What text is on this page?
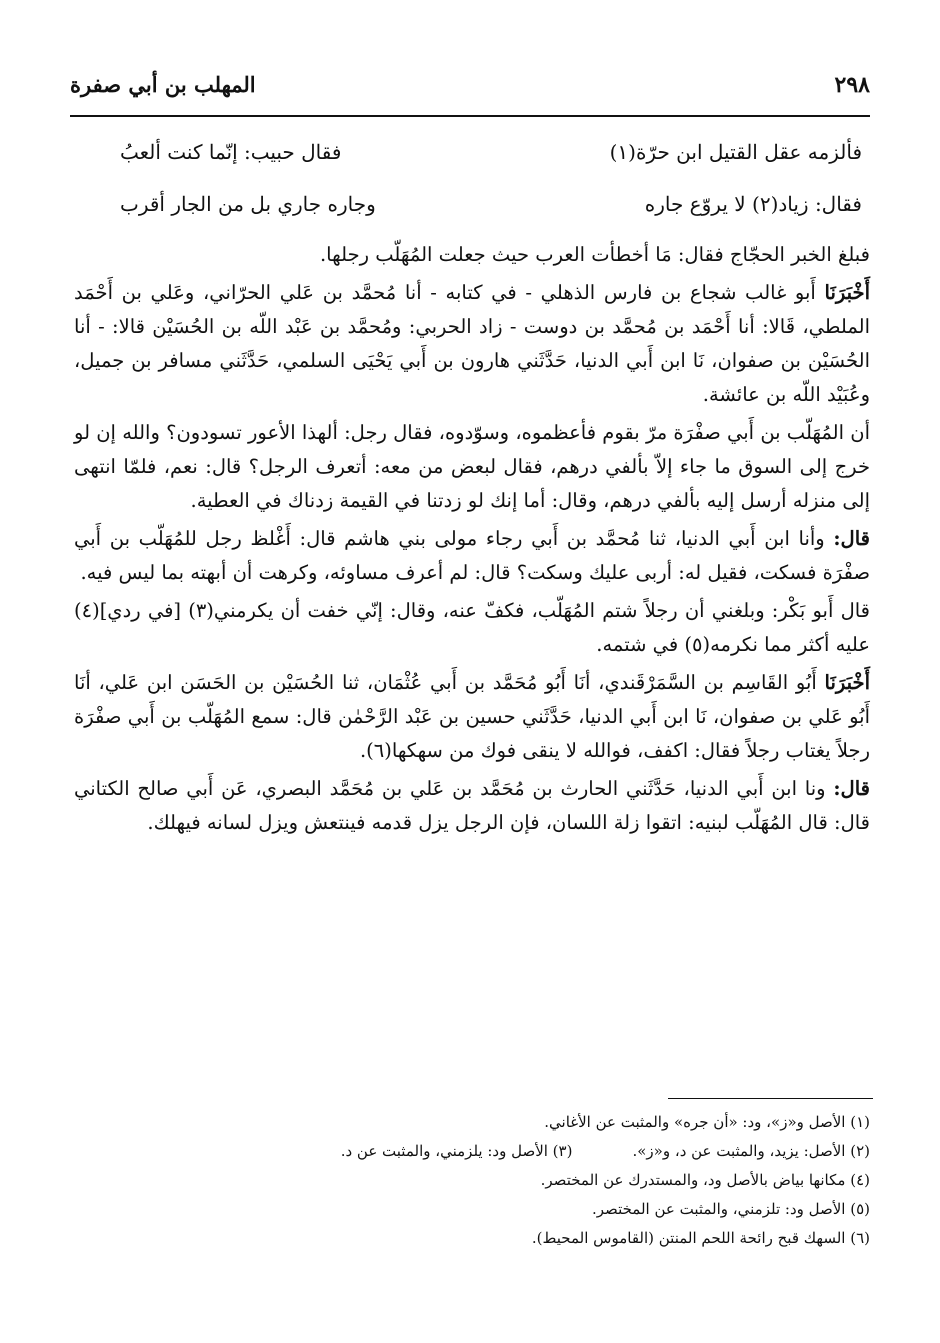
٢٩٨
المهلب بن أبي صفرة
فألزمه عقل القتيل ابن حرّة(١)
فقال حبيب: إنّما كنت ألعبُ
فقال: زياد(٢) لا يروّع جاره
وجاره جاري بل من الجار أقرب

فبلغ الخبر الحجّاج فقال: مَا أخطأت العرب حيث جعلت المُهَلّب رجلها.

أَخْبَرَنَا أَبو غالب شجاع بن فارس الذهلي - في كتابه - أنا مُحمَّد بن عَلي الحرّاني، وعَلي بن أَحْمَد الملطي، قَالا: أنا أَحْمَد بن مُحمَّد بن دوست - زاد الحربي: ومُحمَّد بن عَبْد اللّه بن الحُسَيْن قالا: - أنا الحُسَيْن بن صفوان، نَا ابن أَبي الدنيا، حَدَّثَني هارون بن أَبي يَحْيَى السلمي، حَدَّثَني مسافر بن جميل، وعُبَيْد اللّه بن عائشة.

أن المُهَلّب بن أَبي صفْرَة مرّ بقوم فأعظموه، وسوّدوه، فقال رجل: ألهذا الأعور تسودون؟ والله إن لو خرج إلى السوق ما جاء إلاّ بألفي درهم، فقال لبعض من معه: أتعرف الرجل؟ قال: نعم، فلمّا انتهى إلى منزله أرسل إليه بألفي درهم، وقال: أما إنك لو زدتنا في القيمة زدناك في العطية.

قال: وأنا ابن أَبي الدنيا، ثنا مُحمَّد بن أَبي رجاء مولى بني هاشم قال: أَغْلظ رجل للمُهَلّب بن أَبي صفْرَة فسكت، فقيل له: أربى عليك وسكت؟ قال: لم أعرف مساوئه، وكرهت أن أبهته بما ليس فيه.

قال أَبو بَكْر: وبلغني أن رجلاً شتم المُهَلّب، فكفّ عنه، وقال: إنّي خفت أن يكرمني(٣) [في ردي](٤) عليه أكثر مما نكرمه(٥) في شتمه.

أَخْبَرَنَا أَبُو القَاسِم بن السَّمَرْقَندي، أنَا أَبُو مُحَمَّد بن أَبي عُثْمَان، ثنا الحُسَيْن بن الحَسَن ابن عَلي، أنَا أَبُو عَلي بن صفوان، نَا ابن أَبي الدنيا، حَدَّثَني حسين بن عَبْد الرَّحْمٰن قال: سمع المُهَلّب بن أَبي صفْرَة رجلاً يغتاب رجلاً فقال: اكفف، فوالله لا ينقى فوك من سهكها(٦).

قال: ونا ابن أَبي الدنيا، حَدَّثَني الحارث بن مُحَمَّد بن عَلي بن مُحَمَّد البصري، عَن أَبي صالح الكتاني قال: قال المُهَلّب لبنيه: اتقوا زلة اللسان، فإن الرجل يزل قدمه فينتعش ويزل لسانه فيهلك.

(١) الأصل و«ز»، ود: «أن جره» والمثبت عن الأغاني.
(٢) الأصل: يزيد، والمثبت عن د، و«ز».(٣) الأصل ود: يلزمني، والمثبت عن د.
(٤) مكانها بياض بالأصل ود، والمستدرك عن المختصر.
(٥) الأصل ود: تلزمني، والمثبت عن المختصر.
(٦) السهك قبح رائحة اللحم المنتن (القاموس المحيط).
